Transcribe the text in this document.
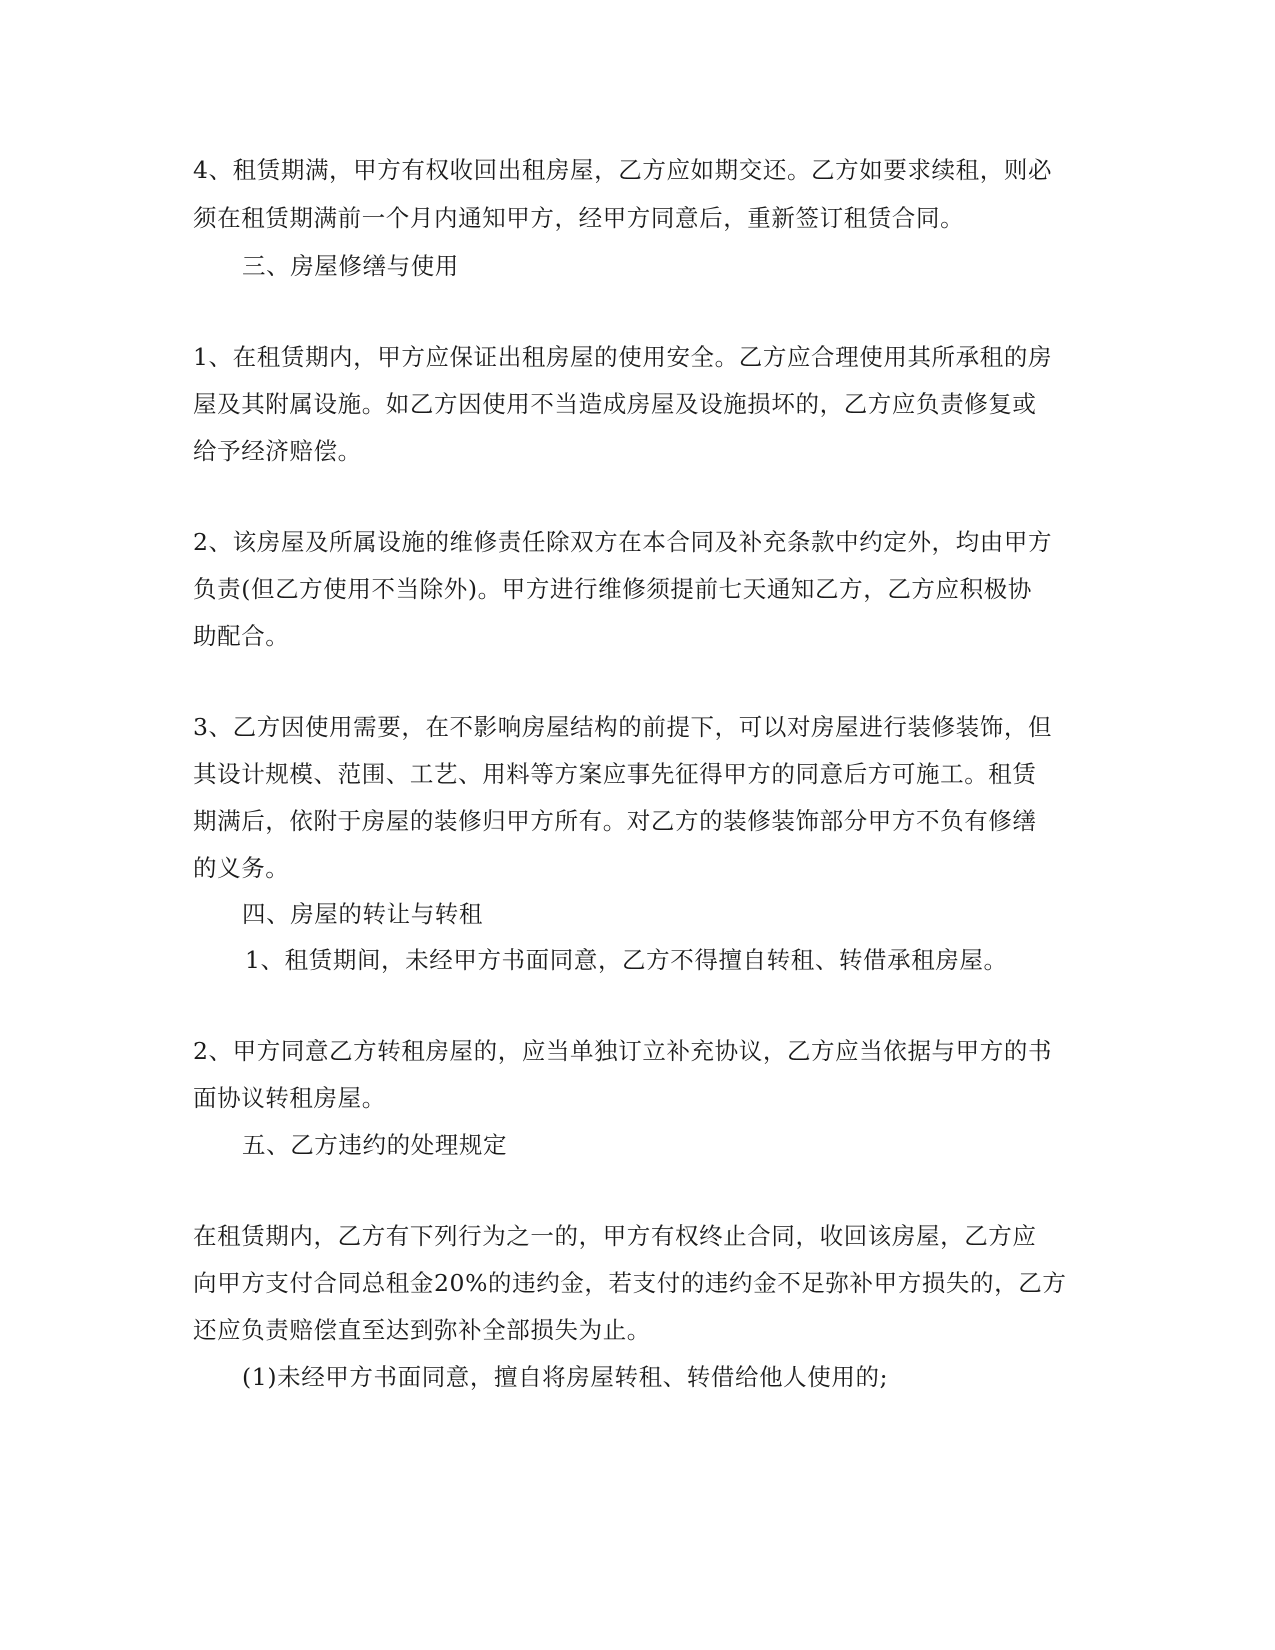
4、租赁期满，甲方有权收回出租房屋，乙方应如期交还。乙方如要求续租，则必
须在租赁期满前一个月内通知甲方，经甲方同意后，重新签订租赁合同。
三、房屋修缮与使用
1、在租赁期内，甲方应保证出租房屋的使用安全。乙方应合理使用其所承租的房
屋及其附属设施。如乙方因使用不当造成房屋及设施损坏的，乙方应负责修复或
给予经济赔偿。
2、该房屋及所属设施的维修责任除双方在本合同及补充条款中约定外，均由甲方
负责(但乙方使用不当除外)。甲方进行维修须提前七天通知乙方，乙方应积极协
助配合。
3、乙方因使用需要，在不影响房屋结构的前提下，可以对房屋进行装修装饰，但
其设计规模、范围、工艺、用料等方案应事先征得甲方的同意后方可施工。租赁
期满后，依附于房屋的装修归甲方所有。对乙方的装修装饰部分甲方不负有修缮
的义务。
四、房屋的转让与转租
1、租赁期间，未经甲方书面同意，乙方不得擅自转租、转借承租房屋。
2、甲方同意乙方转租房屋的，应当单独订立补充协议，乙方应当依据与甲方的书
面协议转租房屋。
五、乙方违约的处理规定
在租赁期内，乙方有下列行为之一的，甲方有权终止合同，收回该房屋，乙方应
向甲方支付合同总租金20%的违约金，若支付的违约金不足弥补甲方损失的，乙方
还应负责赔偿直至达到弥补全部损失为止。
(1)未经甲方书面同意，擅自将房屋转租、转借给他人使用的;
